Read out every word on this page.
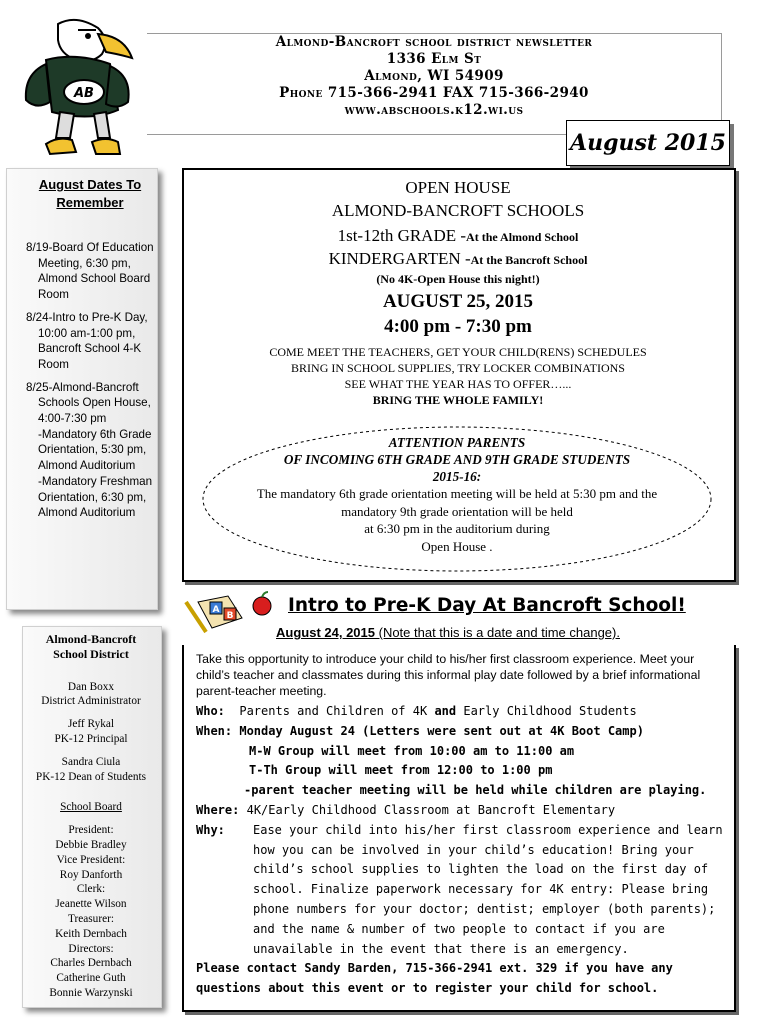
AB
Almond-Bancroft school district newsletter
1336 Elm St
Almond, WI 54909
Phone 715-366-2941 FAX 715-366-2940
www.abschools.k12.wi.us
August 2015
August Dates To Remember
8/19-Board Of Education Meeting, 6:30 pm, Almond School Board Room
8/24-Intro to Pre-K Day, 10:00 am-1:00 pm, Bancroft School 4-K Room
8/25-Almond-Bancroft Schools Open House, 4:00-7:30 pm
-Mandatory 6th Grade Orientation, 5:30 pm, Almond Auditorium
-Mandatory Freshman Orientation, 6:30 pm, Almond Auditorium
Almond-Bancroft
School District
Dan Boxx
District Administrator
Jeff Rykal
PK-12 Principal
Sandra Ciula
PK-12 Dean of Students
School Board
President:
Debbie Bradley
Vice President:
Roy Danforth
Clerk:
Jeanette Wilson
Treasurer:
Keith Dernbach
Directors:
Charles Dernbach
Catherine Guth
Bonnie Warzynski
OPEN HOUSE
ALMOND-BANCROFT SCHOOLS
1st-12th GRADE -At the Almond School
KINDERGARTEN -At the Bancroft School
(No 4K-Open House this night!)
AUGUST 25, 2015
4:00 pm - 7:30 pm
COME MEET THE TEACHERS, GET YOUR CHILD(RENS) SCHEDULES
BRING IN SCHOOL SUPPLIES, TRY LOCKER COMBINATIONS
SEE WHAT THE YEAR HAS TO OFFER…...
BRING THE WHOLE FAMILY!
ATTENTION PARENTS
OF INCOMING 6TH GRADE AND 9TH GRADE STUDENTS
2015-16:
The mandatory 6th grade orientation meeting will be held at 5:30 pm and the
mandatory 9th grade orientation will be held
at 6:30 pm in the auditorium during
Open House .
A
B	Intro to Pre-K Day At Bancroft School!
August 24, 2015 (Note that this is a date and time change).
Take this opportunity to introduce your child to his/her first classroom experience. Meet your child’s teacher and classmates during this informal play date followed by a brief informational parent-teacher meeting.
Who: Parents and Children of 4K and Early Childhood Students
When: Monday August 24 (Letters were sent out at 4K Boot Camp)
M-W Group will meet from 10:00 am to 11:00 am
T-Th Group will meet from 12:00 to 1:00 pm
-parent teacher meeting will be held while children are playing.
Where: 4K/Early Childhood Classroom at Bancroft Elementary
Why:	Ease your child into his/her first classroom experience and learn how you can be involved in your child’s education! Bring your child’s school supplies to lighten the load on the first day of school. Finalize paperwork necessary for 4K entry: Please bring phone numbers for your doctor; dentist; employer (both parents); and the name & number of two people to contact if you are unavailable in the event that there is an emergency.
Please contact Sandy Barden, 715-366-2941 ext. 329 if you have any questions about this event or to register your child for school.
